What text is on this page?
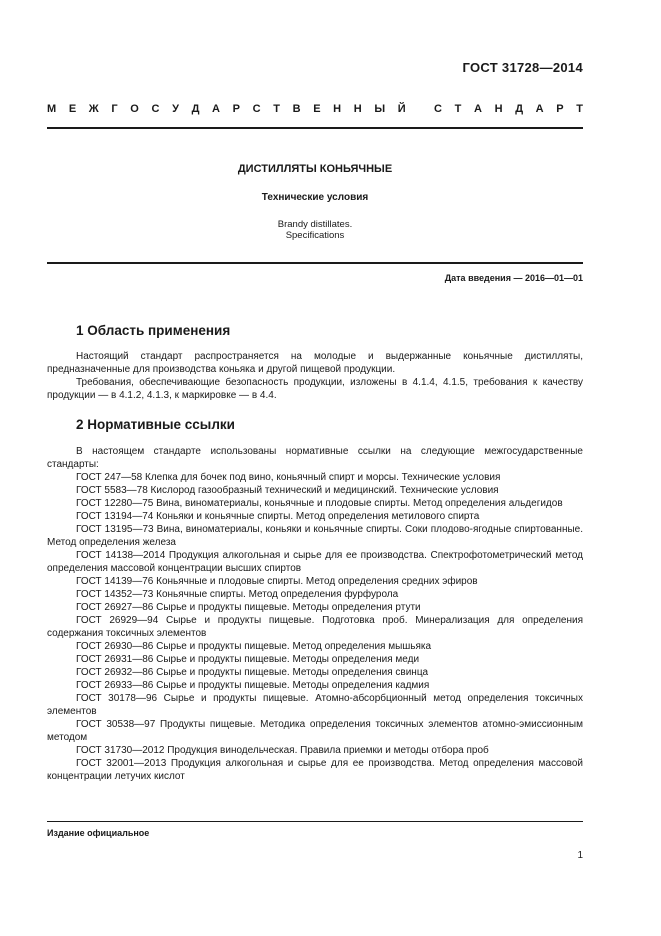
ГОСТ 31728—2014
М Е Ж Г О С У Д А Р С Т В Е Н Н Ы Й
	С Т А Н Д А Р Т
ДИСТИЛЛЯТЫ КОНЬЯЧНЫЕ
Технические условия
Brandy distillates.
Specifications
Дата введения — 2016—01—01
1 Область применения

Настоящий стандарт распространяется на молодые и выдержанные коньячные дистилляты, предназначенные для производства коньяка и другой пищевой продукции.

Требования, обеспечивающие безопасность продукции, изложены в 4.1.4, 4.1.5, требования к качеству продукции — в 4.1.2, 4.1.3, к маркировке — в 4.4.

2 Нормативные ссылки

В настоящем стандарте использованы нормативные ссылки на следующие межгосударственные стандарты:

ГОСТ 247—58 Клепка для бочек под вино, коньячный спирт и морсы. Технические условия
ГОСТ 5583—78 Кислород газообразный технический и медицинский. Технические условия
ГОСТ 12280—75 Вина, виноматериалы, коньячные и плодовые спирты. Метод определения альдегидов
ГОСТ 13194—74 Коньяки и коньячные спирты. Метод определения метилового спирта
ГОСТ 13195—73 Вина, виноматериалы, коньяки и коньячные спирты. Соки плодово-ягодные спиртованные. Метод определения железа
ГОСТ 14138—2014 Продукция алкогольная и сырье для ее производства. Спектрофотометрический метод определения массовой концентрации высших спиртов
ГОСТ 14139—76 Коньячные и плодовые спирты. Метод определения средних эфиров
ГОСТ 14352—73 Коньячные спирты. Метод определения фурфурола
ГОСТ 26927—86 Сырье и продукты пищевые. Методы определения ртути
ГОСТ 26929—94 Сырье и продукты пищевые. Подготовка проб. Минерализация для определения содержания токсичных элементов
ГОСТ 26930—86 Сырье и продукты пищевые. Метод определения мышьяка
ГОСТ 26931—86 Сырье и продукты пищевые. Методы определения меди
ГОСТ 26932—86 Сырье и продукты пищевые. Методы определения свинца
ГОСТ 26933—86 Сырье и продукты пищевые. Методы определения кадмия
ГОСТ 30178—96 Сырье и продукты пищевые. Атомно-абсорбционный метод определения токсичных элементов
ГОСТ 30538—97 Продукты пищевые. Методика определения токсичных элементов атомно-эмиссионным методом
ГОСТ 31730—2012 Продукция винодельческая. Правила приемки и методы отбора проб
ГОСТ 32001—2013 Продукция алкогольная и сырье для ее производства. Метод определения массовой концентрации летучих кислот
Издание официальное
1
